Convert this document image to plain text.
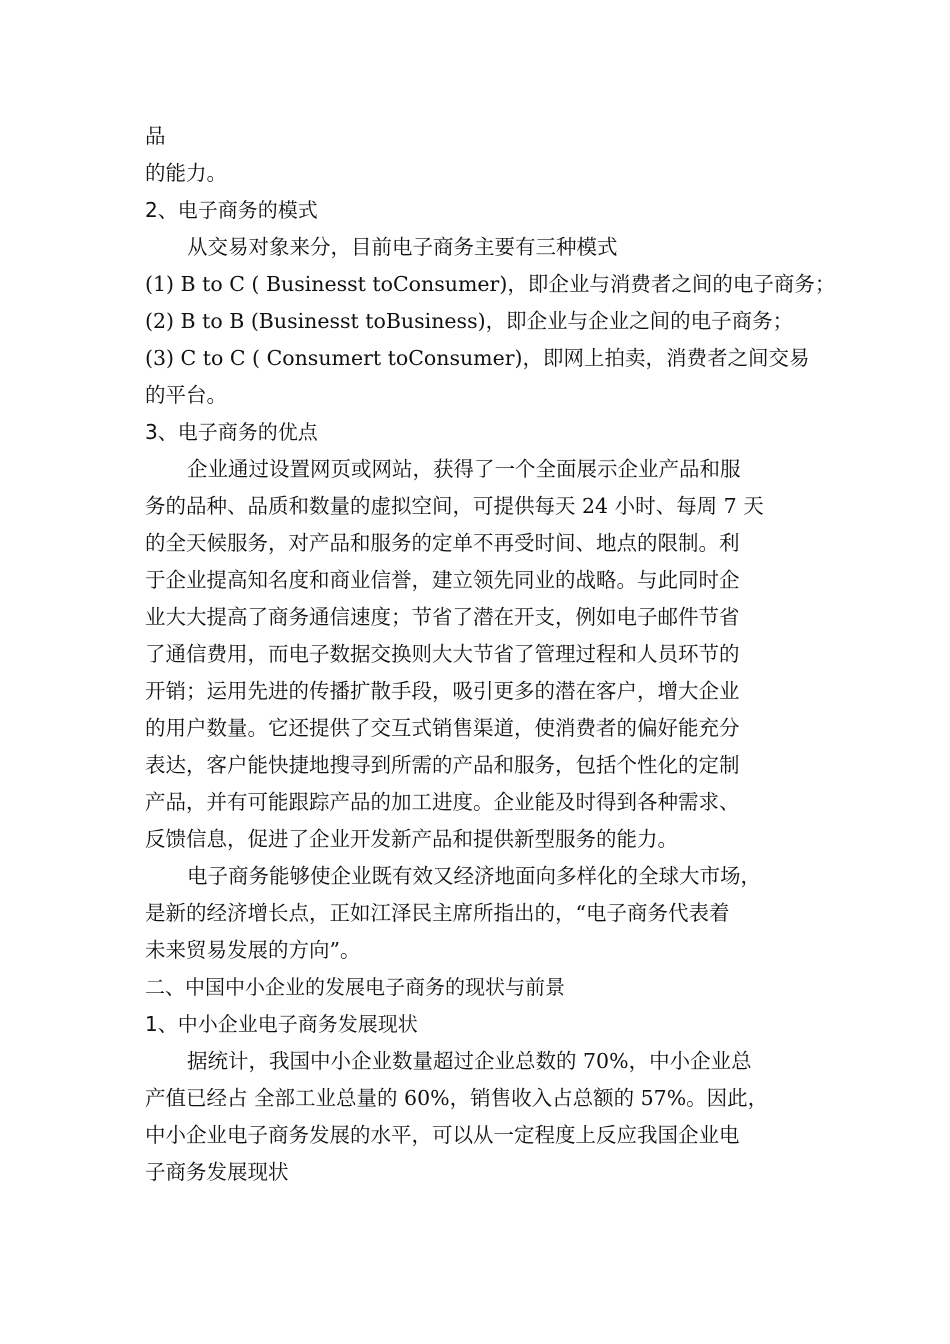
品

的能力。

2、电子商务的模式

从交易对象来分，目前电子商务主要有三种模式

(1) B to C ( Businesst toConsumer)，即企业与消费者之间的电子商务；

(2) B to B (Businesst toBusiness)，即企业与企业之间的电子商务；

(3) C to C ( Consumert toConsumer)，即网上拍卖，消费者之间交易

的平台。

3、电子商务的优点

企业通过设置网页或网站，获得了一个全面展示企业产品和服

务的品种、品质和数量的虚拟空间，可提供每天 24 小时、每周 7 天

的全天候服务，对产品和服务的定单不再受时间、地点的限制。利

于企业提高知名度和商业信誉，建立领先同业的战略。与此同时企

业大大提高了商务通信速度；节省了潜在开支，例如电子邮件节省

了通信费用，而电子数据交换则大大节省了管理过程和人员环节的

开销；运用先进的传播扩散手段，吸引更多的潜在客户，增大企业

的用户数量。它还提供了交互式销售渠道，使消费者的偏好能充分

表达，客户能快捷地搜寻到所需的产品和服务，包括个性化的定制

产品，并有可能跟踪产品的加工进度。企业能及时得到各种需求、

反馈信息，促进了企业开发新产品和提供新型服务的能力。

电子商务能够使企业既有效又经济地面向多样化的全球大市场，

是新的经济增长点，正如江泽民主席所指出的，“电子商务代表着

未来贸易发展的方向”。

二、中国中小企业的发展电子商务的现状与前景

1、中小企业电子商务发展现状

据统计，我国中小企业数量超过企业总数的 70%，中小企业总

产值已经占 全部工业总量的 60%，销售收入占总额的 57%。因此，

中小企业电子商务发展的水平，可以从一定程度上反应我国企业电

子商务发展现状
